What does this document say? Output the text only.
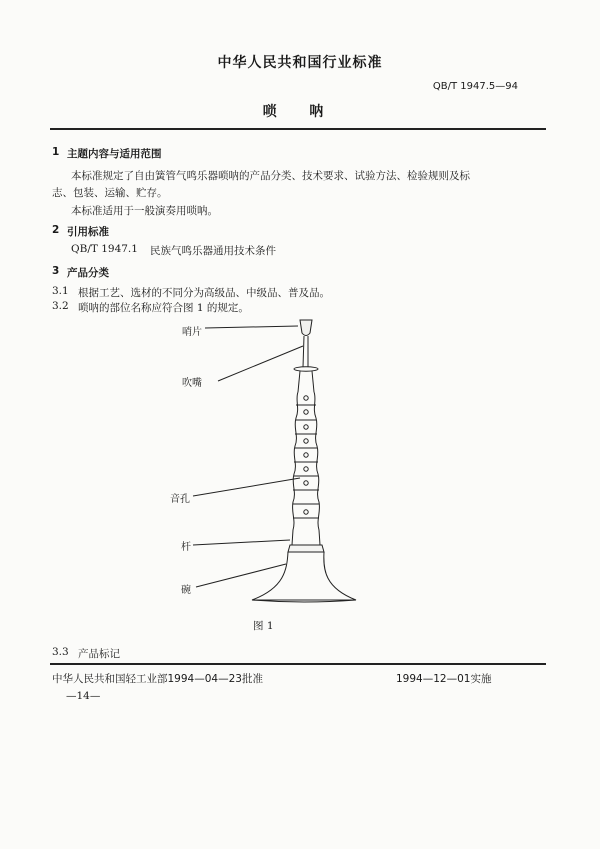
中华人民共和国行业标准
QB/T 1947.5—94
唢 呐
1 主题内容与适用范围
本标准规定了自由簧管气鸣乐器唢呐的产品分类、技术要求、试验方法、检验规则及标
志、包装、运输、贮存。
本标准适用于一般演奏用唢呐。
2 引用标准
QB/T 1947.1 民族气鸣乐器通用技术条件
3 产品分类
3.1 根据工艺、选材的不同分为高级品、中级品、普及品。
3.2 唢呐的部位名称应符合图 1 的规定。
哨片
吹嘴
音孔
杆
碗
图 1
3.3 产品标记
中华人民共和国轻工业部1994—04—23批准	1994—12—01实施
—14—
